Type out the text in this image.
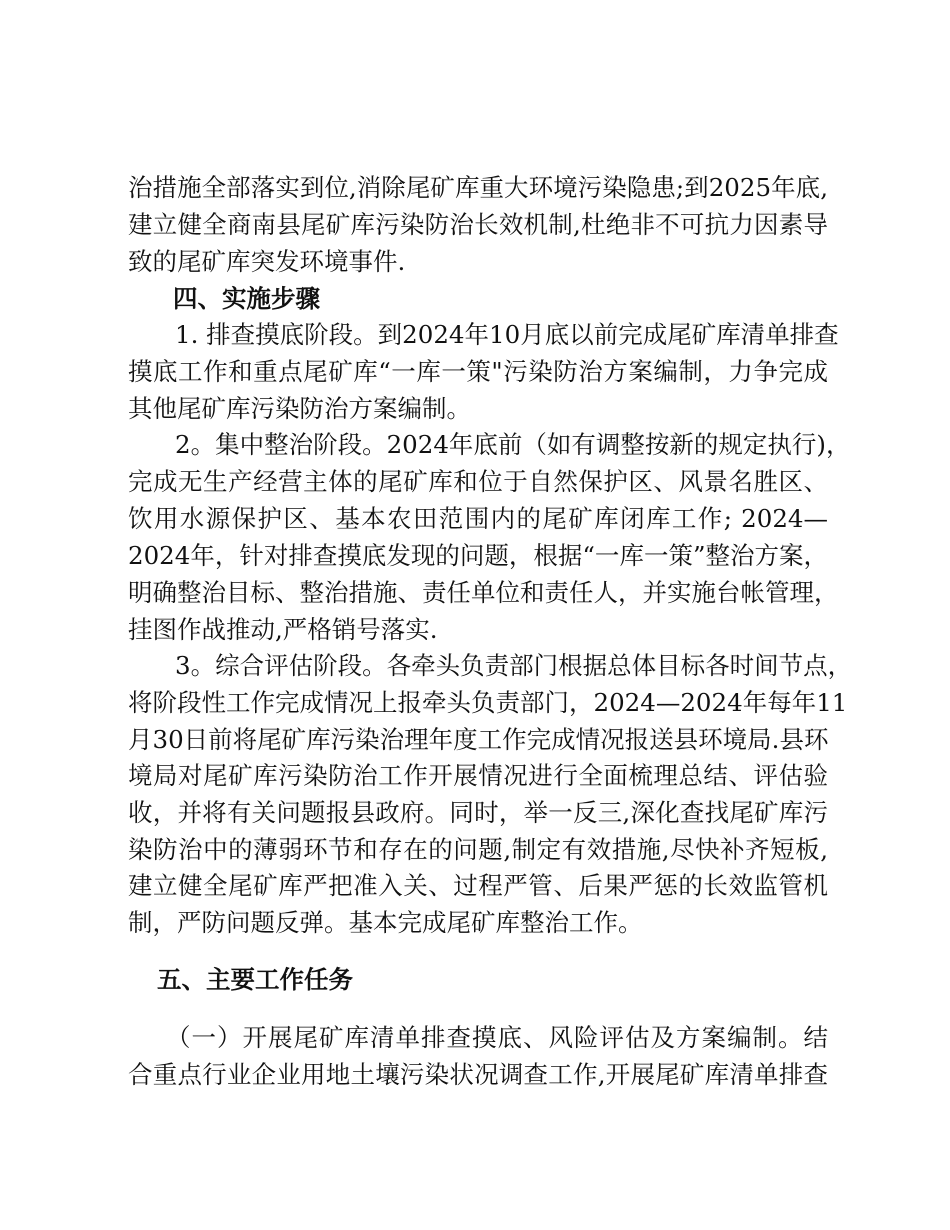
治措施全部落实到位,消除尾矿库重大环境污染隐患;到2025年底,
建立健全商南县尾矿库污染防治长效机制,杜绝非不可抗力因素导
致的尾矿库突发环境事件.
四、实施步骤
1. 排查摸底阶段。到2024年10月底以前完成尾矿库清单排查
摸底工作和重点尾矿库“一库一策"污染防治方案编制，力争完成
其他尾矿库污染防治方案编制。
2。集中整治阶段。2024年底前（如有调整按新的规定执行)，
完成无生产经营主体的尾矿库和位于自然保护区、风景名胜区、
饮用水源保护区、基本农田范围内的尾矿库闭库工作; 2024—
2024年，针对排查摸底发现的问题，根据“一库一策”整治方案，
明确整治目标、整治措施、责任单位和责任人，并实施台帐管理，
挂图作战推动,严格销号落实.
3。综合评估阶段。各牵头负责部门根据总体目标各时间节点，
将阶段性工作完成情况上报牵头负责部门，2024—2024年每年11
月30日前将尾矿库污染治理年度工作完成情况报送县环境局.县环
境局对尾矿库污染防治工作开展情况进行全面梳理总结、评估验
收，并将有关问题报县政府。同时，举一反三,深化查找尾矿库污
染防治中的薄弱环节和存在的问题,制定有效措施,尽快补齐短板,
建立健全尾矿库严把准入关、过程严管、后果严惩的长效监管机
制，严防问题反弹。基本完成尾矿库整治工作。
五、主要工作任务
（一）开展尾矿库清单排查摸底、风险评估及方案编制。结
合重点行业企业用地土壤污染状况调查工作,开展尾矿库清单排查
